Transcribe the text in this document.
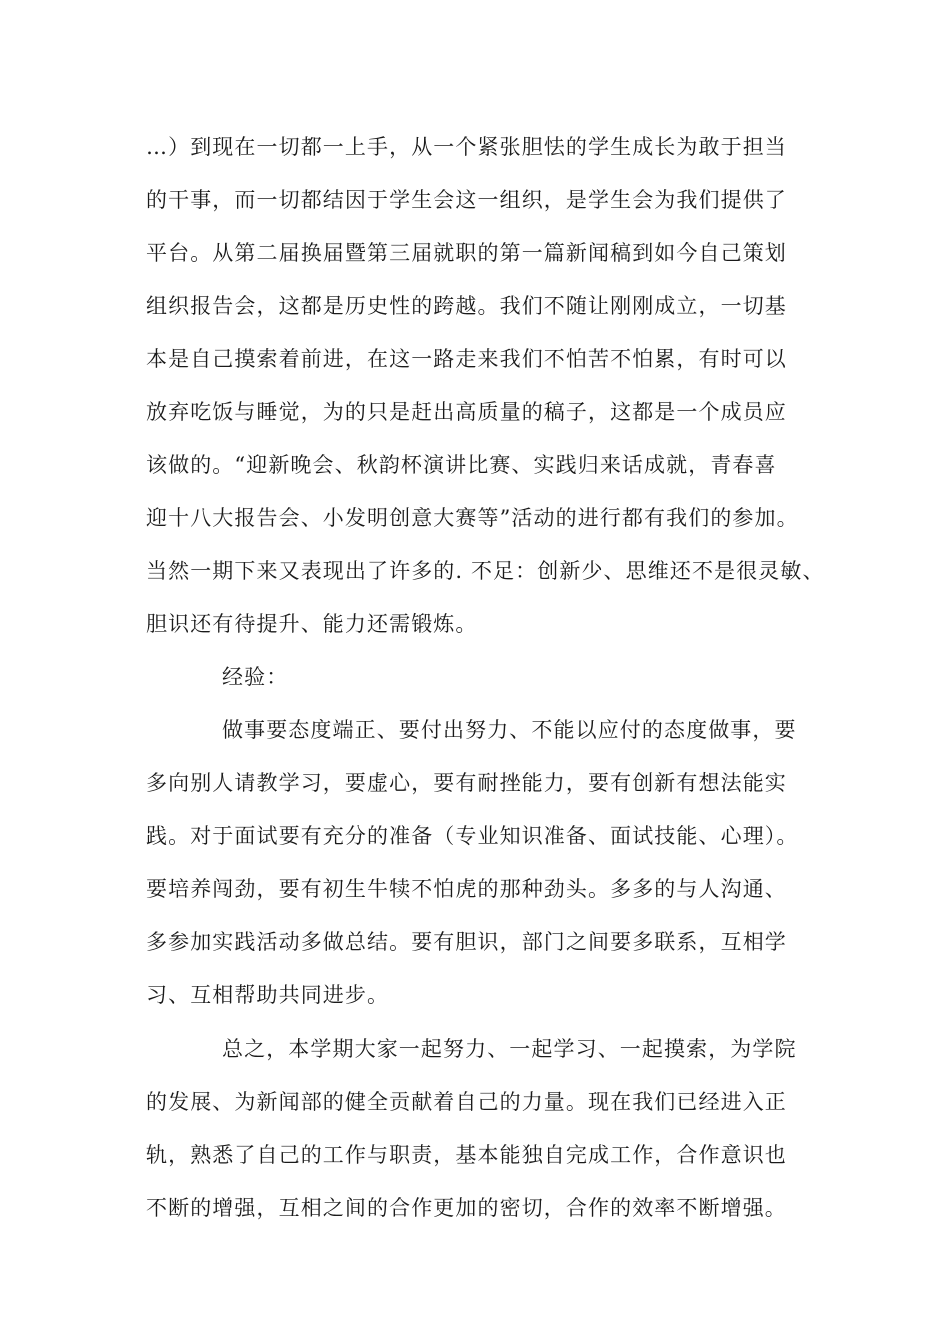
…）到现在一切都一上手，从一个紧张胆怯的学生成长为敢于担当
的干事，而一切都结因于学生会这一组织，是学生会为我们提供了
平台。从第二届换届暨第三届就职的第一篇新闻稿到如今自己策划
组织报告会，这都是历史性的跨越。我们不随让刚刚成立，一切基
本是自己摸索着前进，在这一路走来我们不怕苦不怕累，有时可以
放弃吃饭与睡觉，为的只是赶出高质量的稿子，这都是一个成员应
该做的。“迎新晚会、秋韵杯演讲比赛、实践归来话成就，青春喜
迎十八大报告会、小发明创意大赛等”活动的进行都有我们的参加。
当然一期下来又表现出了许多的. 不足：创新少、思维还不是很灵敏、
胆识还有待提升、能力还需锻炼。
经验：
做事要态度端正、要付出努力、不能以应付的态度做事，要
多向别人请教学习，要虚心，要有耐挫能力，要有创新有想法能实
践。对于面试要有充分的准备（专业知识准备、面试技能、心理）。
要培养闯劲，要有初生牛犊不怕虎的那种劲头。多多的与人沟通、
多参加实践活动多做总结。要有胆识，部门之间要多联系，互相学
习、互相帮助共同进步。
总之，本学期大家一起努力、一起学习、一起摸索，为学院
的发展、为新闻部的健全贡献着自己的力量。现在我们已经进入正
轨，熟悉了自己的工作与职责，基本能独自完成工作，合作意识也
不断的增强，互相之间的合作更加的密切，合作的效率不断增强。
